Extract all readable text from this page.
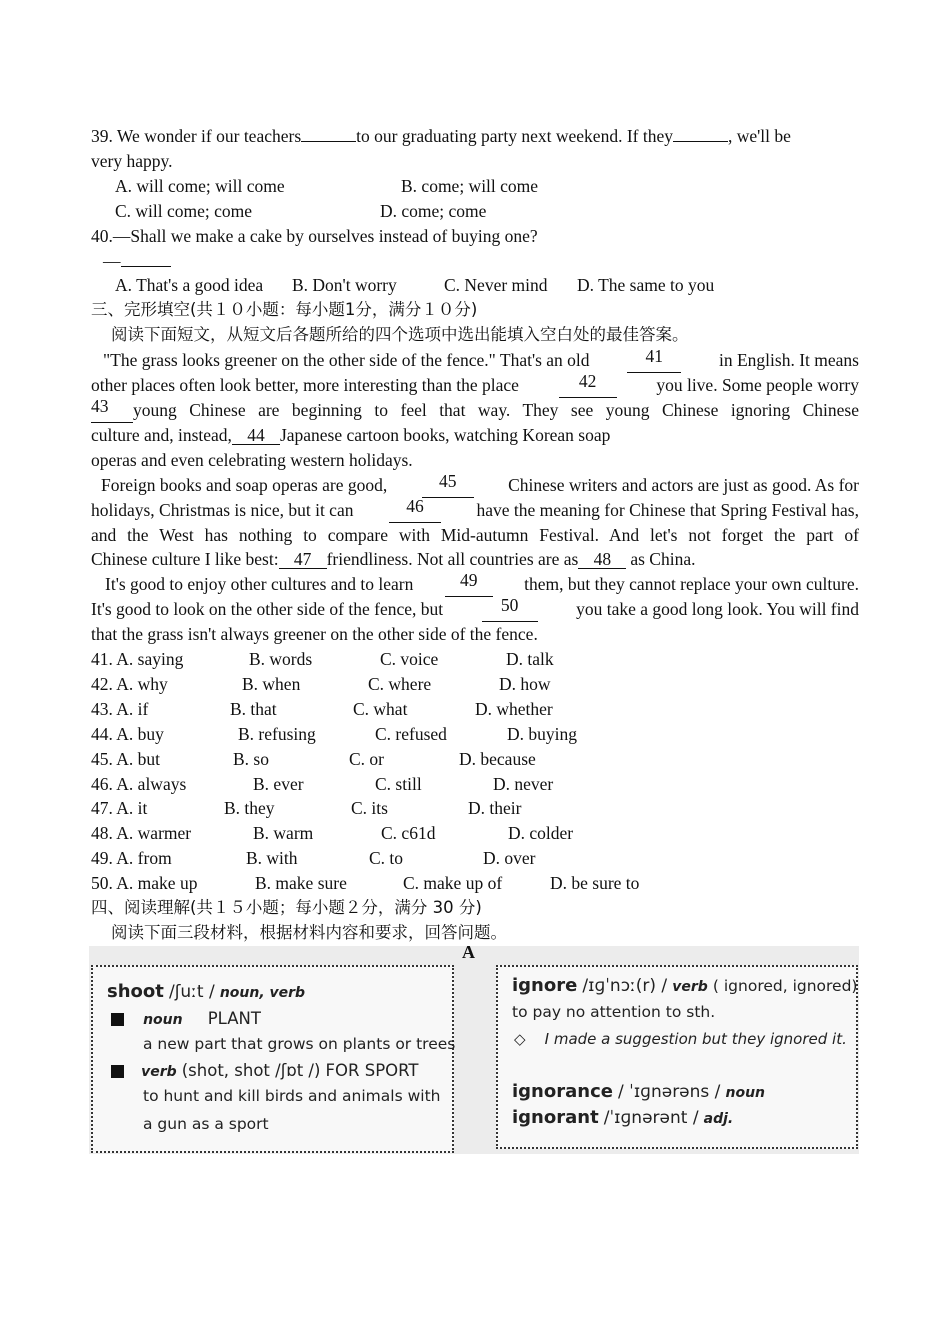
39. We wonder if our teachers	to our graduating party next weekend. If they	, we'll be
very happy.
A. will come; will come	B. come; will come
C. will come; come	D. come; come
40.—Shall we make a cake by ourselves instead of buying one?
—
A. That's a good idea B. Don't worry	C. Never mind D. The same to you
三、完形填空(共１０小题：每小题1分，满分１０分)
阅读下面短文，从短文后各题所给的四个选项中选出能填入空白处的最佳答案。
"The grass looks greener on the other side of the fence." That's an old	41	in English. It means
other places often look better, more interesting than the place	42	you live. Some people worry
43	young Chinese are beginning to feel that way. They see young Chinese ignoring Chinese
culture and, instead, 44 Japanese cartoon books, watching Korean soap
operas and even celebrating western holidays.
Foreign books and soap operas are good,	45	Chinese writers and actors are just as good. As for
holidays, Christmas is nice, but it can	46	have the meaning for Chinese that Spring Festival has,
and the West has nothing to compare with Mid-autumn Festival. And let's not forget the part of
Chinese culture I like best: 47 friendliness. Not all countries are as 48 as China.
It's good to enjoy other cultures and to learn	49	them, but they cannot replace your own culture.
It's good to look on the other side of the fence, but	50	you take a good long look. You will find
that the grass isn't always greener on the other side of the fence.
41. A. saying	B. words	C. voice	D. talk
42. A. why	B. when	C. where	D. how
43. A. if	B. that	C. what	D. whether
44. A. buy	B. refusing	C. refused	D. buying
45. A. but	B. so	C. or	D. because
46. A. always	B. ever	C. still	D. never
47. A. it	B. they	C. its	D. their
48. A. warmer	B. warm	C. c61d	D. colder
49. A. from	B. with	C. to	D. over
50. A. make up	B. make sure	C. make up of	D. be sure to
四、阅读理解(共１５小题；每小题２分，满分 30 分)
阅读下面三段材料，根据材料内容和要求，回答问题。
A
shoot /ʃuːt / noun, verb
noun PLANT
a new part that grows on plants or trees
verb (shot, shot /ʃɒt /) FOR SPORT
to hunt and kill birds and animals with
a gun as a sport
ignore /ɪɡˈnɔː(r) / verb ( ignored, ignored)
to pay no attention to sth.
◇ I made a suggestion but they ignored it.
ignorance / ˈɪɡnərəns / noun
ignorant /ˈɪɡnərənt / adj.
